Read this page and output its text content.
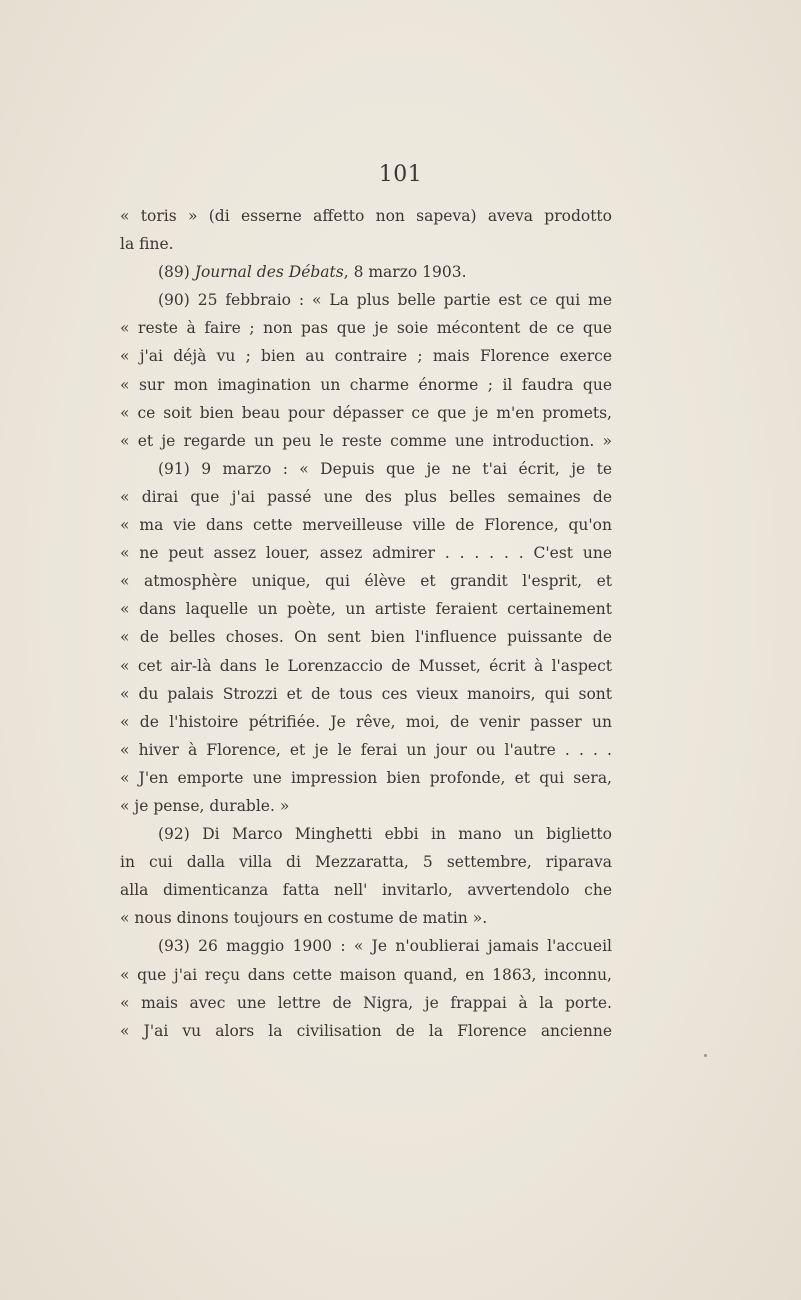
101
« toris » (di esserne affetto non sapeva) aveva prodotto
la fine.
(89) Journal des Débats, 8 marzo 1903.
(90) 25 febbraio : « La plus belle partie est ce qui me
« reste à faire ; non pas que je soie mécontent de ce que
« j'ai déjà vu ; bien au contraire ; mais Florence exerce
« sur mon imagination un charme énorme ; il faudra que
« ce soit bien beau pour dépasser ce que je m'en promets,
« et je regarde un peu le reste comme une introduction. »
(91) 9 marzo : « Depuis que je ne t'ai écrit, je te
« dirai que j'ai passé une des plus belles semaines de
« ma vie dans cette merveilleuse ville de Florence, qu'on
« ne peut assez louer, assez admirer . . . . . . C'est une
« atmosphère unique, qui élève et grandit l'esprit, et
« dans laquelle un poète, un artiste feraient certainement
« de belles choses. On sent bien l'influence puissante de
« cet air-là dans le Lorenzaccio de Musset, écrit à l'aspect
« du palais Strozzi et de tous ces vieux manoirs, qui sont
« de l'histoire pétrifiée. Je rêve, moi, de venir passer un
« hiver à Florence, et je le ferai un jour ou l'autre . . . .
« J'en emporte une impression bien profonde, et qui sera,
« je pense, durable. »
(92) Di Marco Minghetti ebbi in mano un biglietto
in cui dalla villa di Mezzaratta, 5 settembre, riparava
alla dimenticanza fatta nell' invitarlo, avvertendolo che
« nous dinons toujours en costume de matin ».
(93) 26 maggio 1900 : « Je n'oublierai jamais l'accueil
« que j'ai reçu dans cette maison quand, en 1863, inconnu,
« mais avec une lettre de Nigra, je frappai à la porte.
« J'ai vu alors la civilisation de la Florence ancienne
